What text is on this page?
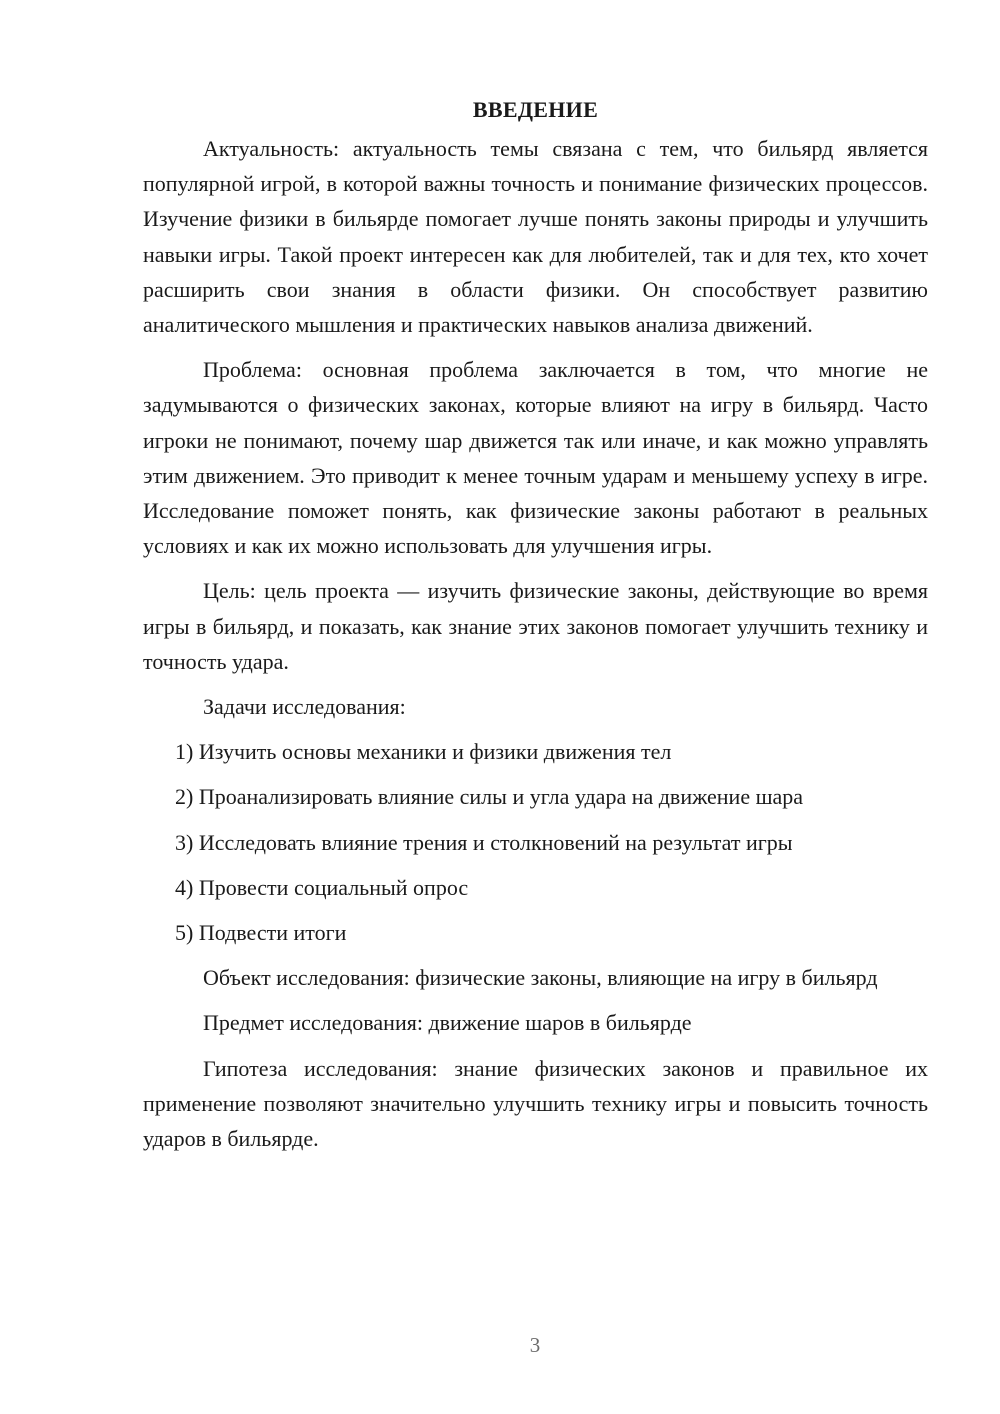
ВВЕДЕНИЕ

Актуальность: актуальность темы связана с тем, что бильярд является популярной игрой, в которой важны точность и понимание физических процессов. Изучение физики в бильярде помогает лучше понять законы природы и улучшить навыки игры. Такой проект интересен как для любителей, так и для тех, кто хочет расширить свои знания в области физики. Он способствует развитию аналитического мышления и практических навыков анализа движений.

Проблема: основная проблема заключается в том, что многие не задумываются о физических законах, которые влияют на игру в бильярд. Часто игроки не понимают, почему шар движется так или иначе, и как можно управлять этим движением. Это приводит к менее точным ударам и меньшему успеху в игре. Исследование поможет понять, как физические законы работают в реальных условиях и как их можно использовать для улучшения игры.

Цель: цель проекта — изучить физические законы, действующие во время игры в бильярд, и показать, как знание этих законов помогает улучшить технику и точность удара.

Задачи исследования:

1) Изучить основы механики и физики движения тел
2) Проанализировать влияние силы и угла удара на движение шара
3) Исследовать влияние трения и столкновений на результат игры
4) Провести социальный опрос
5) Подвести итоги

Объект исследования: физические законы, влияющие на игру в бильярд

Предмет исследования: движение шаров в бильярде

Гипотеза исследования: знание физических законов и правильное их применение позволяют значительно улучшить технику игры и повысить точность ударов в бильярде.

3
